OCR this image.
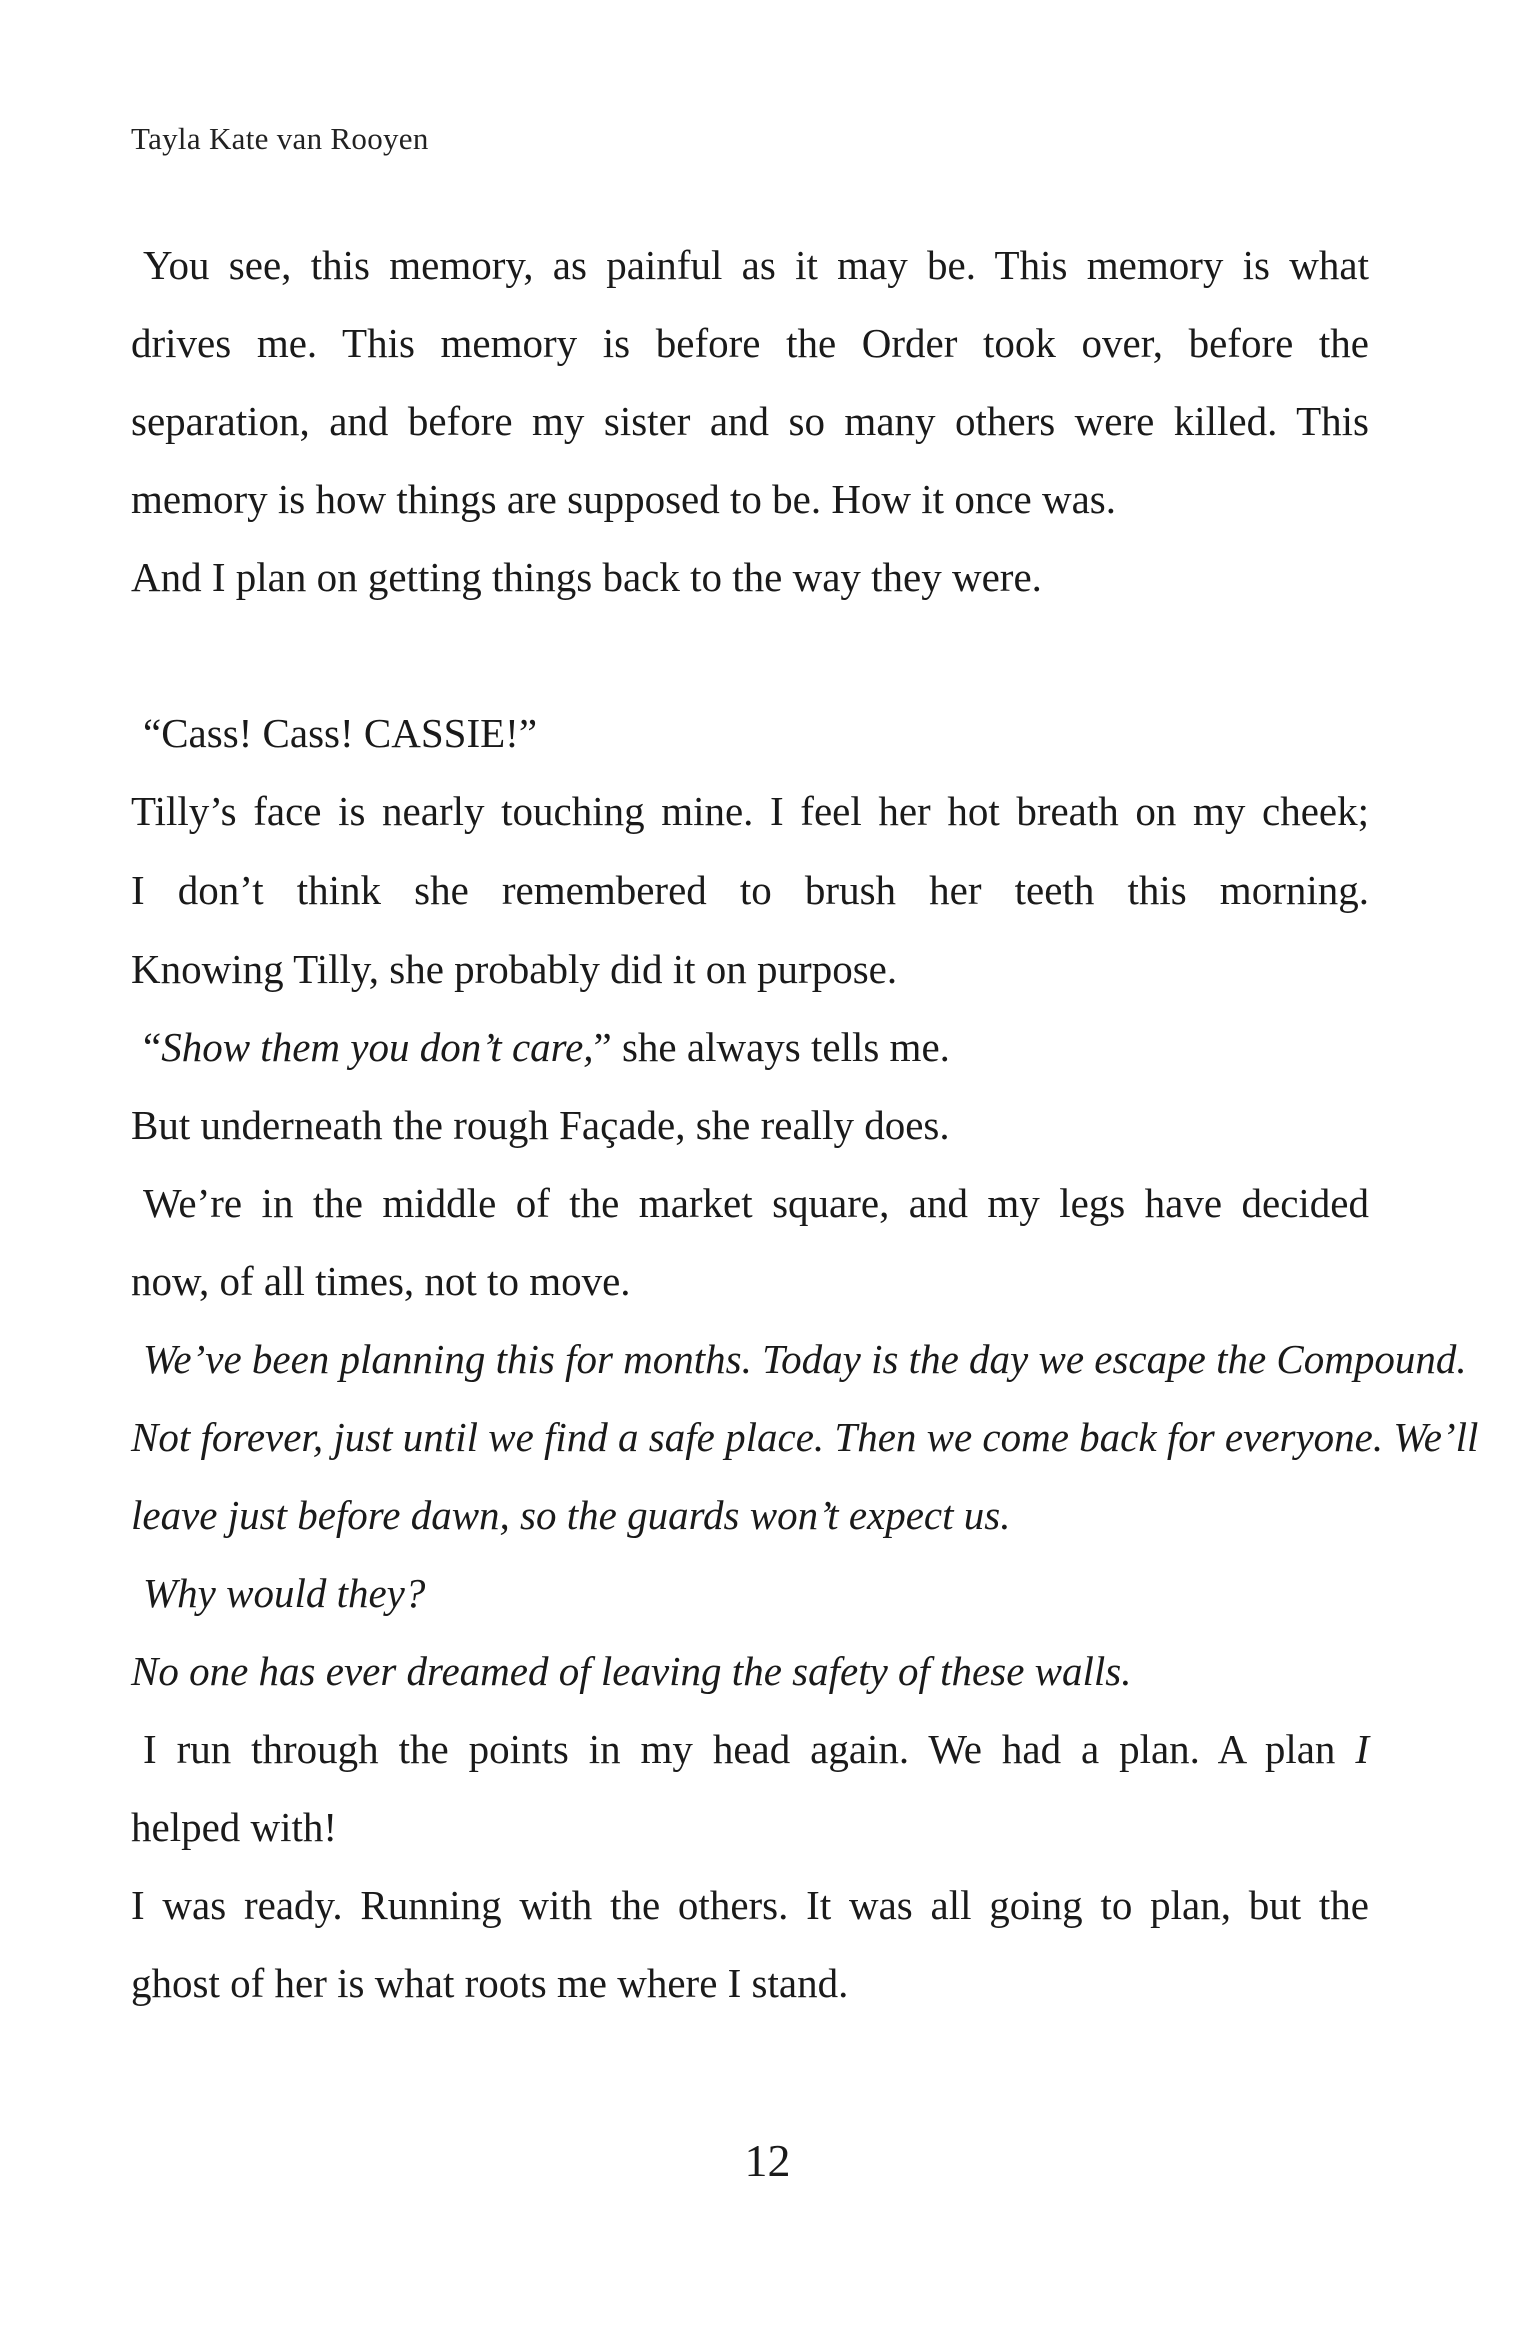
Tayla Kate van Rooyen
You see, this memory, as painful as it may be. This memory is what
drives me. This memory is before the Order took over, before the
separation, and before my sister and so many others were killed. This
memory is how things are supposed to be. How it once was.
And I plan on getting things back to the way they were.
“Cass! Cass! CASSIE!”
Tilly’s face is nearly touching mine. I feel her hot breath on my cheek;
I don’t think she remembered to brush her teeth this morning.
Knowing Tilly, she probably did it on purpose.
“Show them you don’t care,” she always tells me.
But underneath the rough Façade, she really does.
We’re in the middle of the market square, and my legs have decided
now, of all times, not to move.
We’ve been planning this for months. Today is the day we escape the Compound.
Not forever, just until we find a safe place. Then we come back for everyone. We’ll
leave just before dawn, so the guards won’t expect us.
Why would they?
No one has ever dreamed of leaving the safety of these walls.
I run through the points in my head again. We had a plan. A plan I
helped with!
I was ready. Running with the others. It was all going to plan, but the
ghost of her is what roots me where I stand.
12
